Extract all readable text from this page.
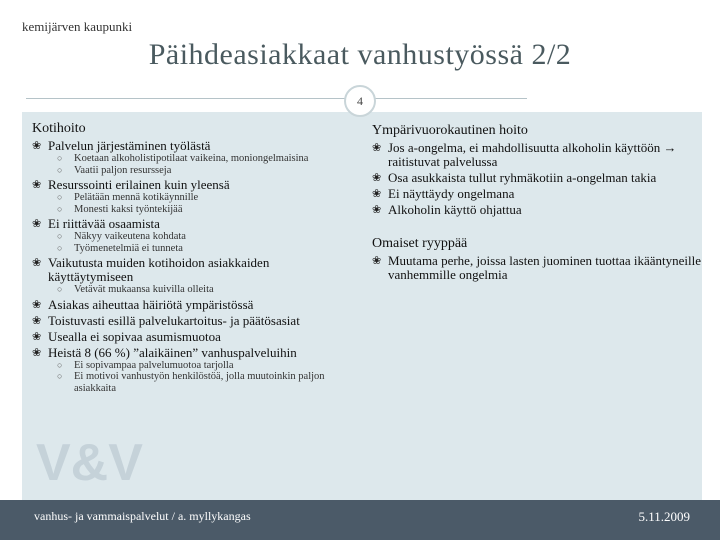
kemijärven kaupunki
Päihdeasiakkaat vanhustyössä 2/2
4
V&V
Kotihoito
❀ Palvelun järjestäminen työlästä
○ Koetaan alkoholistipotilaat vaikeina, moniongelmaisina
○ Vaatii paljon resursseja
❀ Resurssointi erilainen kuin yleensä
○ Pelätään mennä kotikäynnille
○ Monesti kaksi työntekijää
❀ Ei riittävää osaamista
○ Näkyy vaikeutena kohdata
○ Työmenetelmiä ei tunneta
❀ Vaikutusta muiden kotihoidon asiakkaiden käyttäytymiseen
○ Vetävät mukaansa kuivilla olleita
❀ Asiakas aiheuttaa häiriötä ympäristössä
❀ Toistuvasti esillä palvelukartoitus- ja päätösasiat
❀ Usealla ei sopivaa asumismuotoa
❀ Heistä 8 (66 %) ”alaikäinen” vanhuspalveluihin
○ Ei sopivampaa palvelumuotoa tarjolla
○ Ei motivoi vanhustyön henkilöstöä, jolla muutoinkin paljon asiakkaita
Ympärivuorokautinen hoito
❀ Jos a-ongelma, ei mahdollisuutta alkoholin käyttöön → raitistuvat palvelussa
❀ Osa asukkaista tullut ryhmäkotiin a-ongelman takia
❀ Ei näyttäydy ongelmana
❀ Alkoholin käyttö ohjattua
Omaiset ryyppää
❀ Muutama perhe, joissa lasten juominen tuottaa ikääntyneille vanhemmille ongelmia
vanhus- ja vammaispalvelut / a. myllykangas	5.11.2009
